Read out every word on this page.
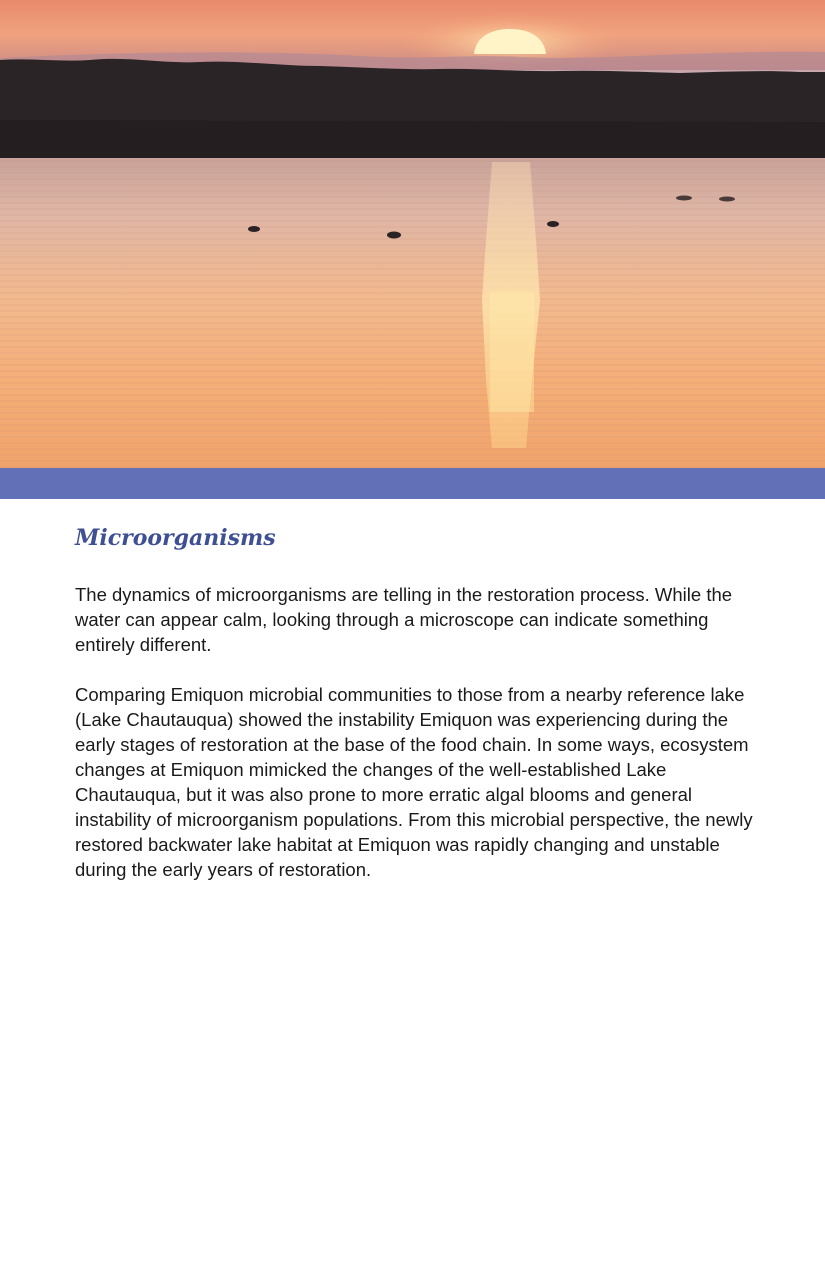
Microorganisms

The dynamics of microorganisms are telling in the restoration process. While the water can appear calm, looking through a microscope can indicate something entirely different.

Comparing Emiquon microbial communities to those from a nearby reference lake (Lake Chautauqua) showed the instability Emiquon was experiencing during the early stages of restoration at the base of the food chain. In some ways, ecosystem changes at Emiquon mimicked the changes of the well-established Lake Chautauqua, but it was also prone to more erratic algal blooms and general instability of microorganism populations. From this microbial perspective, the newly restored backwater lake habitat at Emiquon was rapidly changing and unstable during the early years of restoration.
